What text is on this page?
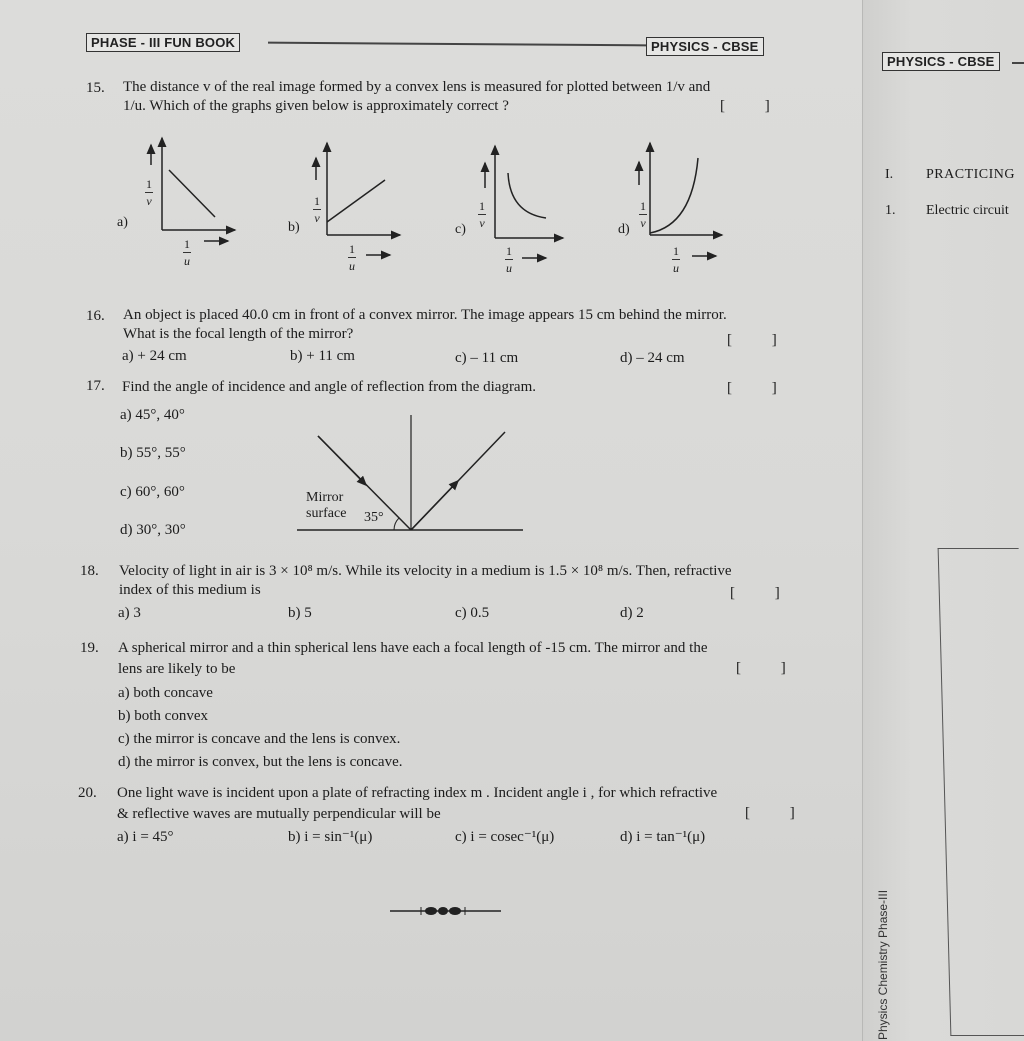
PHASE - III FUN BOOK	PHYSICS - CBSE
15. The distance v of the real image formed by a convex lens is measured for plotted between 1/v and
1/u. Which of the graphs given below is approximately correct ?	[ ]
a)
1
v
1
u
b)
1
v
1
u
c)
1
v
1
u
d)
1
v
1
u
16. An object is placed 40.0 cm in front of a convex mirror. The image appears 15 cm behind the mirror.
What is the focal length of the mirror?	[ ]
a) + 24 cm	b) + 11 cm	c) – 11 cm	d) – 24 cm
17. Find the angle of incidence and angle of reflection from the diagram.	[ ]
a) 45°, 40°
b) 55°, 55°
c) 60°, 60°
d) 30°, 30°
Mirror
surface 35°
18. Velocity of light in air is 3 × 10⁸ m/s. While its velocity in a medium is 1.5 × 10⁸ m/s. Then, refractive
index of this medium is	[ ]
a) 3	b) 5	c) 0.5	d) 2
19. A spherical mirror and a thin spherical lens have each a focal length of -15 cm. The mirror and the
lens are likely to be	[ ]
a) both concave
b) both convex
c) the mirror is concave and the lens is convex.
d) the mirror is convex, but the lens is concave.
20. One light wave is incident upon a plate of refracting index m . Incident angle i , for which refractive
& reflective waves are mutually perpendicular will be	[ ]
a) i = 45°	b) i = sin⁻¹(μ)	c) i = cosec⁻¹(μ)	d) i = tan⁻¹(μ)
PHYSICS - CBSE
I. PRACTICING
1. Electric circuit
Physics Chemistry Phase-III
